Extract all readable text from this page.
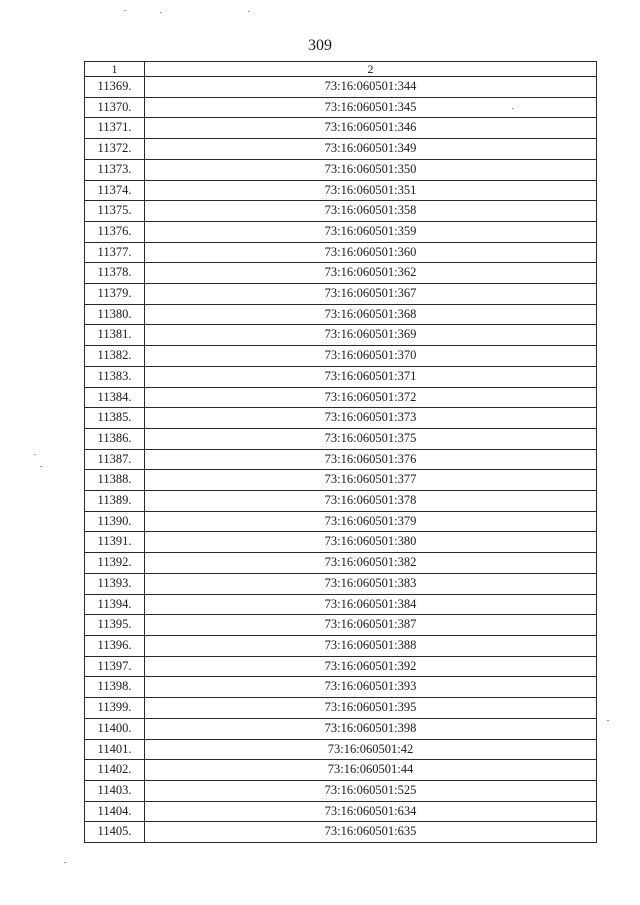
309
1	2
11369.	73:16:060501:344
11370.	73:16:060501:345
11371.	73:16:060501:346
11372.	73:16:060501:349
11373.	73:16:060501:350
11374.	73:16:060501:351
11375.	73:16:060501:358
11376.	73:16:060501:359
11377.	73:16:060501:360
11378.	73:16:060501:362
11379.	73:16:060501:367
11380.	73:16:060501:368
11381.	73:16:060501:369
11382.	73:16:060501:370
11383.	73:16:060501:371
11384.	73:16:060501:372
11385.	73:16:060501:373
11386.	73:16:060501:375
11387.	73:16:060501:376
11388.	73:16:060501:377
11389.	73:16:060501:378
11390.	73:16:060501:379
11391.	73:16:060501:380
11392.	73:16:060501:382
11393.	73:16:060501:383
11394.	73:16:060501:384
11395.	73:16:060501:387
11396.	73:16:060501:388
11397.	73:16:060501:392
11398.	73:16:060501:393
11399.	73:16:060501:395
11400.	73:16:060501:398
11401.	73:16:060501:42
11402.	73:16:060501:44
11403.	73:16:060501:525
11404.	73:16:060501:634
11405.	73:16:060501:635
